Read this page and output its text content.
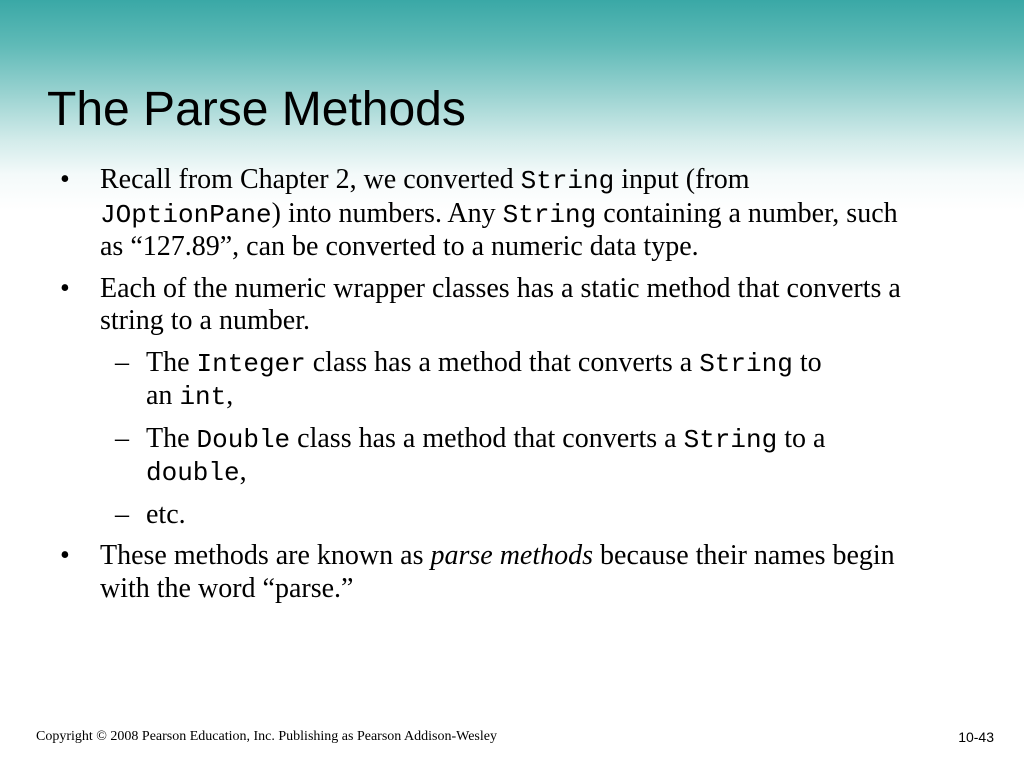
The Parse Methods
• Recall from Chapter 2, we converted String input (from JOptionPane) into numbers. Any String containing a number, such as “127.89”, can be converted to a numeric data type.
• Each of the numeric wrapper classes has a static method that converts a string to a number.
– The Integer class has a method that converts a String to an int,
– The Double class has a method that converts a String to a double,
– etc.
• These methods are known as parse methods because their names begin with the word “parse.”
Copyright © 2008 Pearson Education, Inc. Publishing as Pearson Addison-Wesley	10-43
